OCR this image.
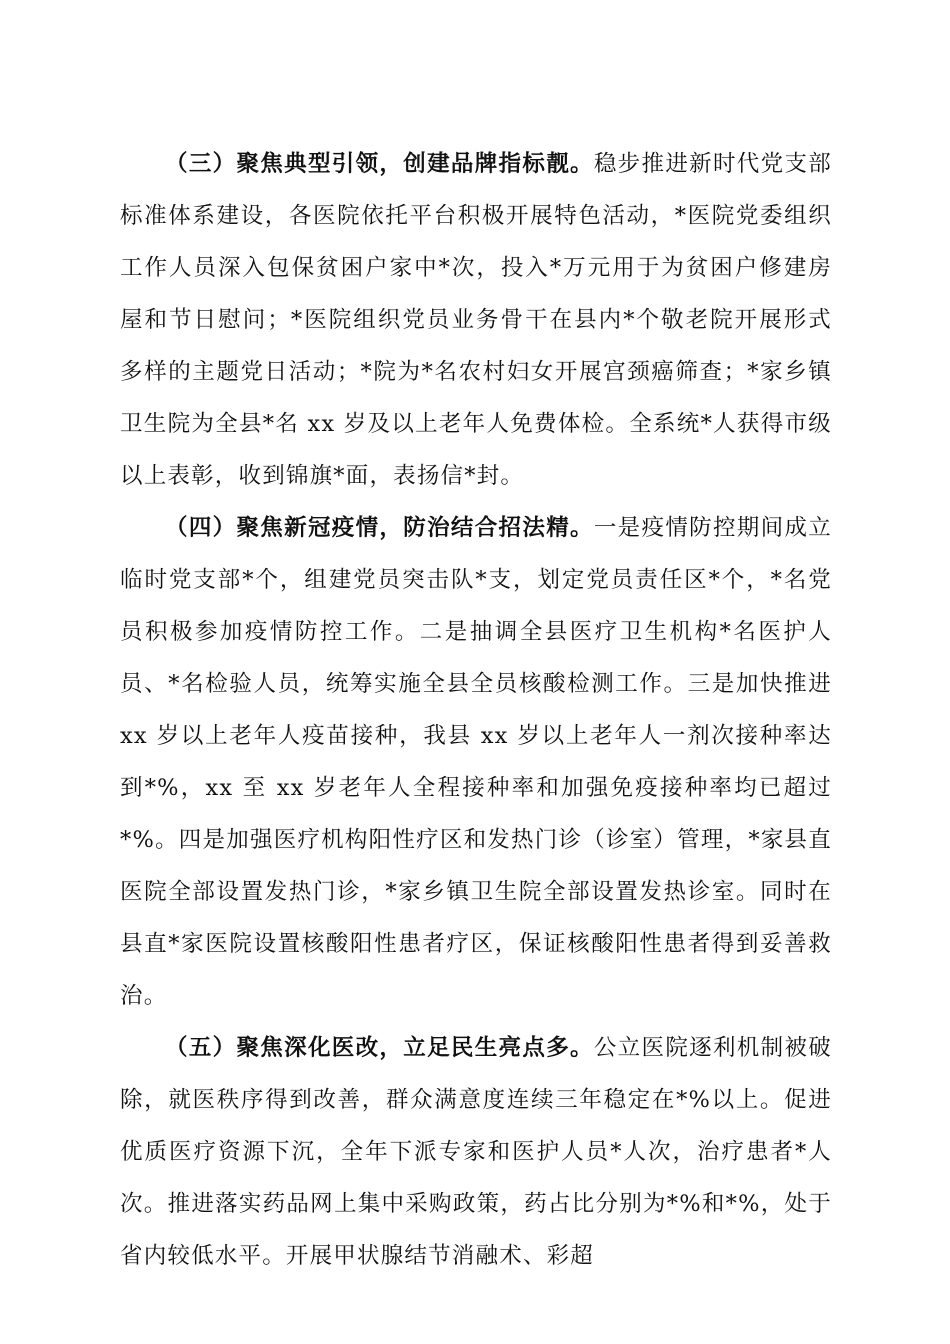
（三）聚焦典型引领，创建品牌指标靓。稳步推进新时代党支部标准体系建设，各医院依托平台积极开展特色活动，*医院党委组织工作人员深入包保贫困户家中*次，投入*万元用于为贫困户修建房屋和节日慰问；*医院组织党员业务骨干在县内*个敬老院开展形式多样的主题党日活动；*院为*名农村妇女开展宫颈癌筛查；*家乡镇卫生院为全县*名 xx 岁及以上老年人免费体检。全系统*人获得市级以上表彰，收到锦旗*面，表扬信*封。

（四）聚焦新冠疫情，防治结合招法精。一是疫情防控期间成立临时党支部*个，组建党员突击队*支，划定党员责任区*个，*名党员积极参加疫情防控工作。二是抽调全县医疗卫生机构*名医护人员、*名检验人员，统筹实施全县全员核酸检测工作。三是加快推进 xx 岁以上老年人疫苗接种，我县 xx 岁以上老年人一剂次接种率达到*%，xx 至 xx 岁老年人全程接种率和加强免疫接种率均已超过*%。四是加强医疗机构阳性疗区和发热门诊（诊室）管理，*家县直医院全部设置发热门诊，*家乡镇卫生院全部设置发热诊室。同时在县直*家医院设置核酸阳性患者疗区，保证核酸阳性患者得到妥善救治。

（五）聚焦深化医改，立足民生亮点多。公立医院逐利机制被破除，就医秩序得到改善，群众满意度连续三年稳定在*%以上。促进优质医疗资源下沉，全年下派专家和医护人员*人次，治疗患者*人次。推进落实药品网上集中采购政策，药占比分别为*%和*%，处于省内较低水平。开展甲状腺结节消融术、彩超
